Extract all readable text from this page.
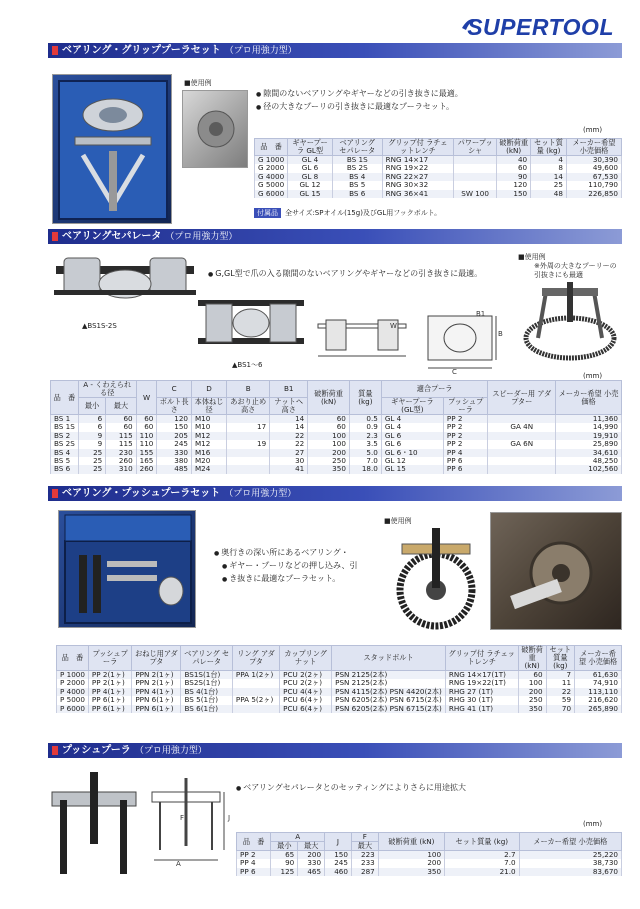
SUPERTOOL
ベアリング・グリッププーラセット （プロ用強力型）
■使用例
● 隙間のないベアリングやギヤーなどの引き抜きに最適。
● 径の大きなプーリの引き抜きに最適なプーラセット。
(mm)
品　番	ギヤープーラ GL型	ベアリング セパレータ	グリップ付 ラチェットレンチ	パワープッシャ	破断荷重 (kN)	セット質量 (kg)	メーカー希望 小売価格
G 1000	GL 4	BS 1S	RNG 14×17		40	4	30,390
G 2000	GL 6	BS 2S	RNG 19×22		60	8	49,600
G 4000	GL 8	BS 4	RNG 22×27		90	14	67,530
G 5000	GL 12	BS 5	RNG 30×32		120	25	110,790
G 6000	GL 15	BS 6	RNG 36×41	SW 100	150	48	226,850
付属品 全サイズ:SPオイル(15g)及びGL用フックボルト。
ベアリングセパレータ （プロ用強力型）
▲BS1S-2S
▲BS1～6
● G,GL型で爪の入る隙間のないベアリングやギヤーなどの引き抜きに最適。
W
B1
B
C
■使用例
※外周の大きなプーリーの引抜きにも最適
(mm)
品　番	A - くわえられる径		W	C	D	B	B1	破断荷重 (kN)	質量 (kg)	適合プーラ		スピーダー用 アダプター	メーカー希望 小売価格
	最小	最大		ボルト長さ	本体ねじ径	あおり止め高さ	ナットへ高さ			ギヤープーラ (GL型)	プッシュプーラ		
BS 1	6	60	60	120	M10		14	60	0.5	GL 4	PP 2		11,360
BS 1S	6	60	60	150	M10	17	14	60	0.9	GL 4	PP 2	GA 4N	14,990
BS 2	9	115	110	205	M12		22	100	2.3	GL 6	PP 2		19,910
BS 2S	9	115	110	245	M12	19	22	100	3.5	GL 6	PP 2	GA 6N	25,890
BS 4	25	230	155	330	M16		27	200	5.0	GL 6・10	PP 4		34,610
BS 5	25	260	165	380	M20		30	250	7.0	GL 12	PP 6		48,250
BS 6	25	310	260	485	M24		41	350	18.0	GL 15	PP 6		102,560
ベアリング・プッシュプーラセット （プロ用強力型）
● 奥行きの深い所にあるベアリング・
● ギヤー・プーリなどの押し込み、引
● き抜きに最適なプーラセット。
■使用例
品　番	プッシュプーラ	おねじ用アダプタ	ベアリング セパレータ	リング アダプタ	カップリング ナット	スタッドボルト	グリップ付 ラチェットレンチ	破断荷重 (kN)	セット質量 (kg)	メーカー希望 小売価格
P 1000	PP 2(1ヶ)	PPN 2(1ヶ)	BS1S(1台)	PPA 1(2ヶ)	PCU 2(2ヶ)	PSN 2125(2本)	RNG 14×17(1T)	60	7	61,630
P 2000	PP 2(1ヶ)	PPN 2(1ヶ)	BS2S(1台)		PCU 2(2ヶ)	PSN 2125(2本)	RNG 19×22(1T)	100	11	74,910
P 4000	PP 4(1ヶ)	PPN 4(1ヶ)	BS 4(1台)		PCU 4(4ヶ)	PSN 4115(2本) PSN 4420(2本)	RHG 27 (1T)	200	22	113,110
P 5000	PP 6(1ヶ)	PPN 6(1ヶ)	BS 5(1台)	PPA 5(2ヶ)	PCU 6(4ヶ)	PSN 6205(2本) PSN 6715(2本)	RHG 30 (1T)	250	59	216,620
P 6000	PP 6(1ヶ)	PPN 6(1ヶ)	BS 6(1台)		PCU 6(4ヶ)	PSN 6205(2本) PSN 6715(2本)	RHG 41 (1T)	350	70	265,890
プッシュプーラ （プロ用強力型）
A
F	J
● ベアリングセパレータとのセッティングによりさらに用途拡大
(mm)
品　番	A		J	F	破断荷重 (kN)	セット質量 (kg)	メーカー希望 小売価格
	最小	最大		最大			
PP 2	65	200	150	223	100	2.7	25,220
PP 4	90	330	245	233	200	7.0	38,730
PP 6	125	465	460	287	350	21.0	83,670
